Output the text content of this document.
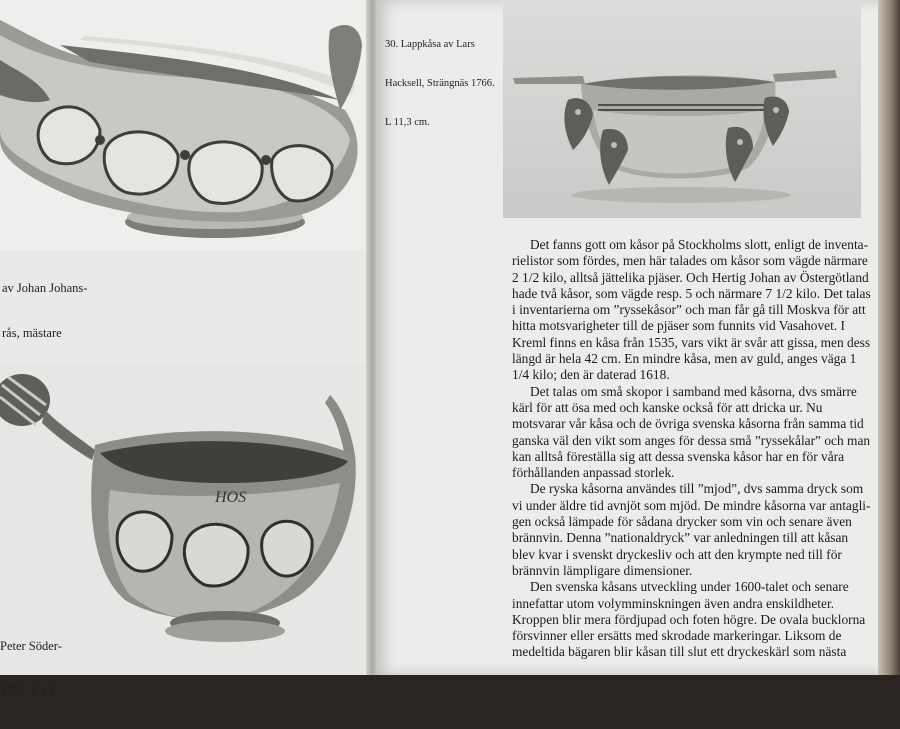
av Johan Johans-

rås, mästare

HOS

Peter Söder-

1761. L 12

30. Lappkåsa av Lars

Hacksell, Strängnäs 1766.

L 11,3 cm.

Det fanns gott om kåsor på Stockholms slott, enligt de inventa-

rielistor som fördes, men här talades om kåsor som vägde närmare

2 1/2 kilo, alltså jättelika pjäser. Och Hertig Johan av Östergötland

hade två kåsor, som vägde resp. 5 och närmare 7 1/2 kilo. Det talas

i inventarierna om ”ryssekåsor” och man får gå till Moskva för att

hitta motsvarigheter till de pjäser som funnits vid Vasahovet. I

Kreml finns en kåsa från 1535, vars vikt är svår att gissa, men dess

längd är hela 42 cm. En mindre kåsa, men av guld, anges väga 1

1/4 kilo; den är daterad 1618.

Det talas om små skopor i samband med kåsorna, dvs smärre

kärl för att ösa med och kanske också för att dricka ur. Nu

motsvarar vår kåsa och de övriga svenska kåsorna från samma tid

ganska väl den vikt som anges för dessa små ”ryssekålar” och man

kan alltså föreställa sig att dessa svenska kåsor har en för våra

förhållanden anpassad storlek.

De ryska kåsorna användes till ”mjod”, dvs samma dryck som

vi under äldre tid avnjöt som mjöd. De mindre kåsorna var antagli-

gen också lämpade för sådana drycker som vin och senare även

brännvin. Denna ”nationaldryck” var anledningen till att kåsan

blev kvar i svenskt dryckesliv och att den krympte ned till för

brännvin lämpligare dimensioner.

Den svenska kåsans utveckling under 1600-talet och senare

innefattar utom volymminskningen även andra enskildheter.

Kroppen blir mera fördjupad och foten högre. De ovala bucklorna

försvinner eller ersätts med skrodade markeringar. Liksom de

medeltida bägaren blir kåsan till slut ett dryckeskärl som nästa
